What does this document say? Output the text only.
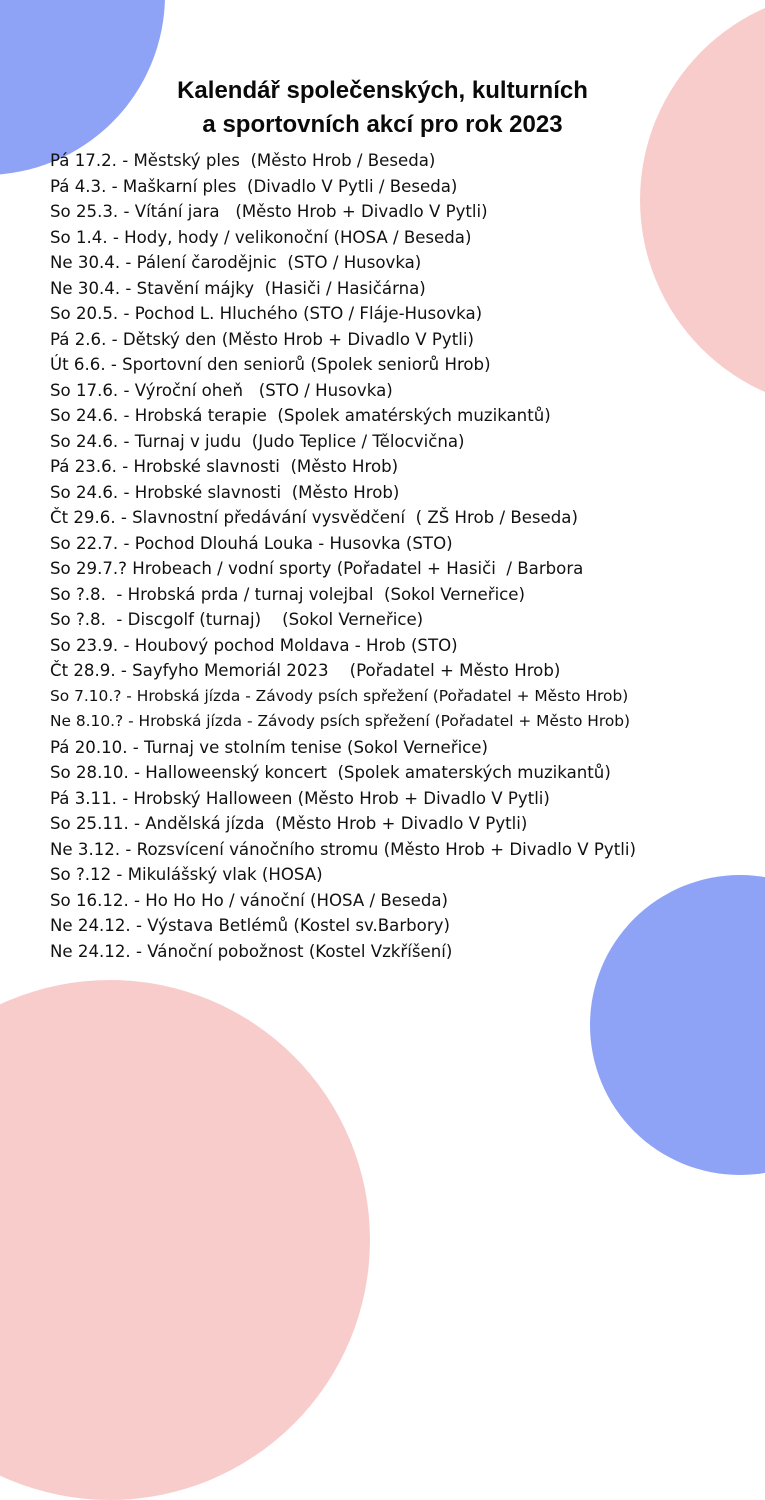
Kalendář společenských, kulturních
a sportovních akcí pro rok 2023
Pá 17.2. - Městský ples  (Město Hrob / Beseda)
Pá 4.3. - Maškarní ples  (Divadlo V Pytli / Beseda)
So 25.3. - Vítání jara   (Město Hrob + Divadlo V Pytli)
So 1.4. - Hody, hody / velikonoční (HOSA / Beseda)
Ne 30.4. - Pálení čarodějnic  (STO / Husovka)
Ne 30.4. - Stavění májky  (Hasiči / Hasičárna)
So 20.5. - Pochod L. Hluchého (STO / Fláje-Husovka)
Pá 2.6. - Dětský den (Město Hrob + Divadlo V Pytli)
Út 6.6. - Sportovní den seniorů (Spolek seniorů Hrob)
So 17.6. - Výroční oheň   (STO / Husovka)
So 24.6. - Hrobská terapie  (Spolek amatérských muzikantů)
So 24.6. - Turnaj v judu  (Judo Teplice / Tělocvična)
Pá 23.6. - Hrobské slavnosti  (Město Hrob)
So 24.6. - Hrobské slavnosti  (Město Hrob)
Čt 29.6. - Slavnostní předávání vysvědčení  ( ZŠ Hrob / Beseda)
So 22.7. - Pochod Dlouhá Louka - Husovka (STO)
So 29.7.? Hrobeach / vodní sporty (Pořadatel + Hasiči  / Barbora
So ?.8.  - Hrobská prda / turnaj volejbal  (Sokol Verneřice)
So ?.8.  - Discgolf (turnaj)    (Sokol Verneřice)
So 23.9. - Houbový pochod Moldava - Hrob (STO)
Čt 28.9. - Sayfyho Memoriál 2023    (Pořadatel + Město Hrob)
So 7.10.? - Hrobská jízda - Závody psích spřežení (Pořadatel + Město Hrob)
Ne 8.10.? - Hrobská jízda - Závody psích spřežení (Pořadatel + Město Hrob)
Pá 20.10. - Turnaj ve stolním tenise (Sokol Verneřice)
So 28.10. - Halloweenský koncert  (Spolek amaterských muzikantů)
Pá 3.11. - Hrobský Halloween (Město Hrob + Divadlo V Pytli)
So 25.11. - Andělská jízda  (Město Hrob + Divadlo V Pytli)
Ne 3.12. - Rozsvícení vánočního stromu (Město Hrob + Divadlo V Pytli)
So ?.12 - Mikulášský vlak (HOSA)
So 16.12. - Ho Ho Ho / vánoční (HOSA / Beseda)
Ne 24.12. - Výstava Betlémů (Kostel sv.Barbory)
Ne 24.12. - Vánoční pobožnost (Kostel Vzkříšení)
